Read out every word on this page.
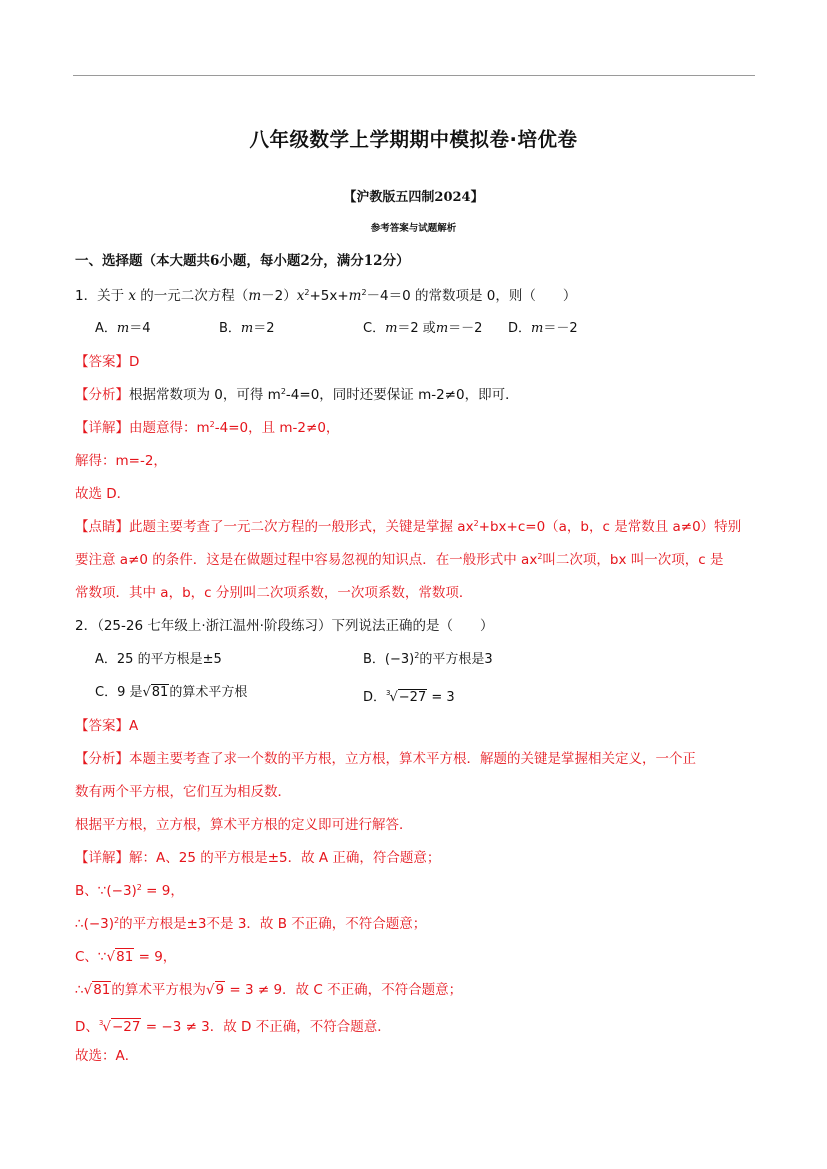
八年级数学上学期期中模拟卷·培优卷
【沪教版五四制2024】
参考答案与试题解析
一、选择题（本大题共6小题，每小题2分，满分12分）
1．关于 x 的一元二次方程$(m-2)x^2+5x+m^2-4=0$ 的常数项是 0，则（　　）
A．m＝4	B．m＝2	C．m＝2 或m＝－2 D．m＝－2
【答案】D
【分析】根据常数项为 0，可得 $m^2-4=0$，同时还要保证 m-2≠0，即可．
【详解】由题意得：$m^2-4=0$，且 m-2≠0，
解得：m=-2，
故选 D．
【点睛】此题主要考查了一元二次方程的一般形式，关键是掌握 $ax^2+bx+c=0(a$，b，c 是常数且 a≠0）特别
要注意 a≠0 的条件．这是在做题过程中容易忽视的知识点．在一般形式中 $ax^2$叫二次项，bx 叫一次项，c 是
常数项．其中 a，b，c 分别叫二次项系数，一次项系数，常数项．
2．（25-26 七年级上·浙江温州·阶段练习）下列说法正确的是（　　）
A．25 的平方根是±5	B．$(-3)^2$的平方根是3
C．9 是√81的算术平方根	D．$^3$√−27 = 3
【答案】A
【分析】本题主要考查了求一个数的平方根，立方根，算术平方根．解题的关键是掌握相关定义，一个正
数有两个平方根，它们互为相反数．
根据平方根，立方根，算术平方根的定义即可进行解答．
【详解】解：A、25 的平方根是±5．故 A 正确，符合题意；
B、$\because(-3)^2 = 9$，
$\therefore(-3)^2$的平方根是±3不是 3．故 B 不正确，不符合题意；
C、∵√81 = 9，
∴√81的算术平方根为√9 = 3 ≠ 9．故 C 不正确，不符合题意；
D、$^3$√−27 = −3 ≠ 3．故 D 不正确，不符合题意．
故选：A．
